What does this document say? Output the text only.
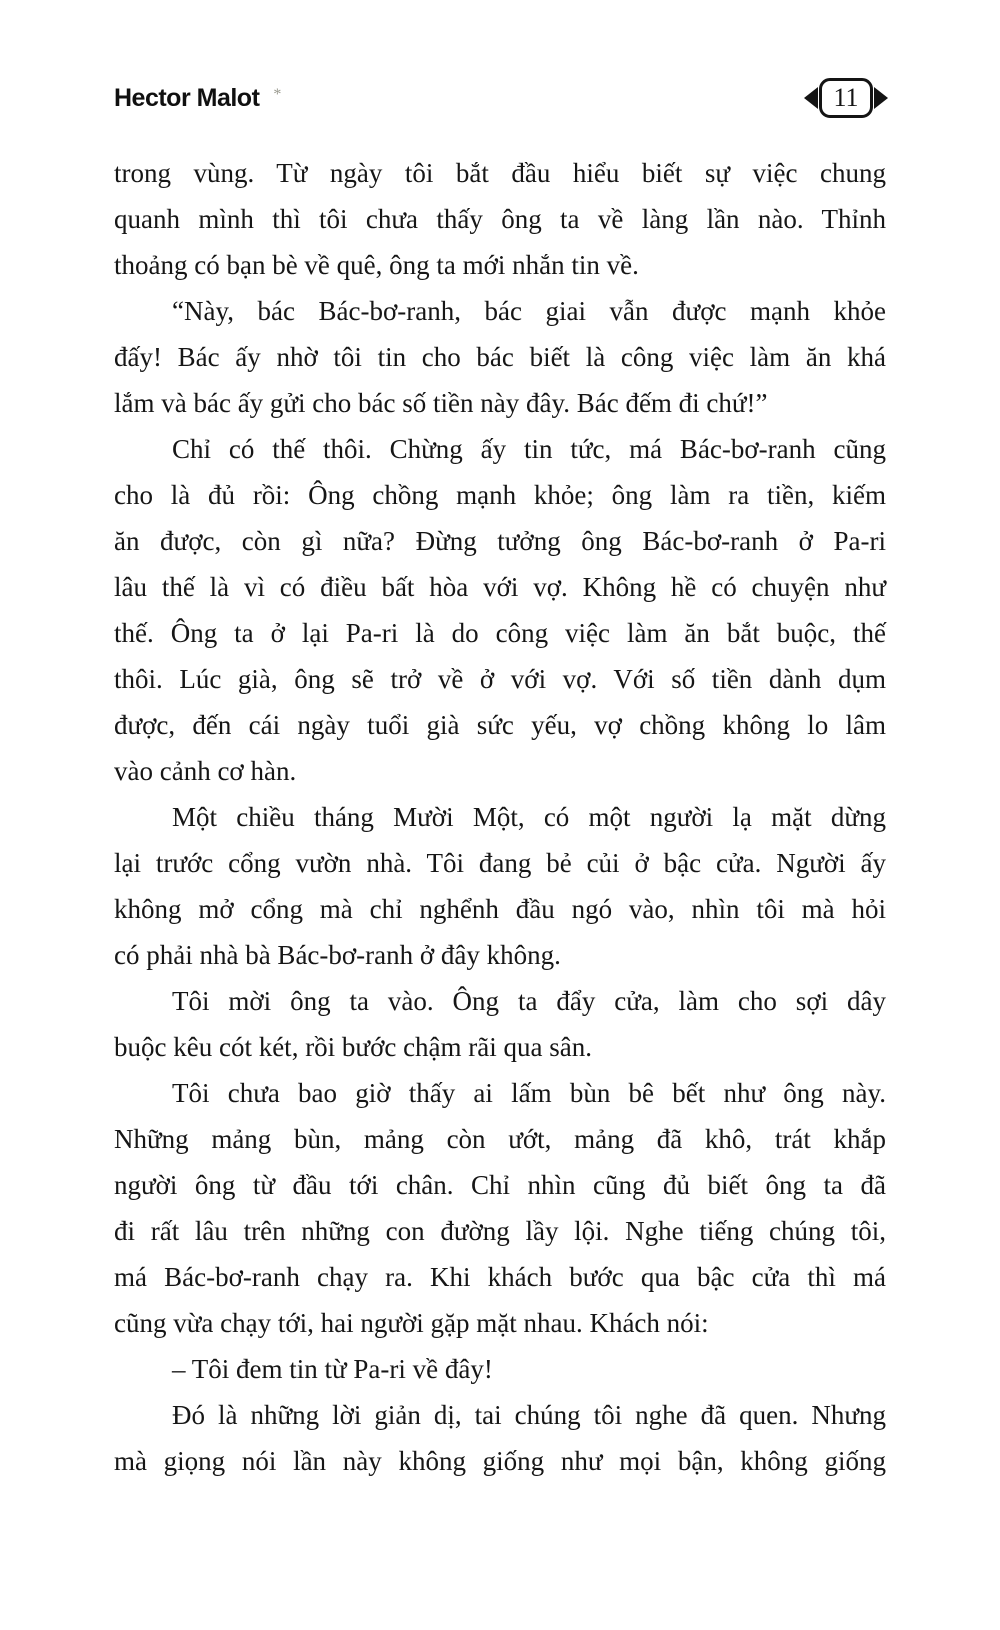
Hector Malot *	11
trong vùng. Từ ngày tôi bắt đầu hiểu biết sự việc chung
quanh mình thì tôi chưa thấy ông ta về làng lần nào. Thỉnh
thoảng có bạn bè về quê, ông ta mới nhắn tin về.
“Này, bác Bác-bơ-ranh, bác giai vẫn được mạnh khỏe
đấy! Bác ấy nhờ tôi tin cho bác biết là công việc làm ăn khá
lắm và bác ấy gửi cho bác số tiền này đây. Bác đếm đi chứ!”
Chỉ có thế thôi. Chừng ấy tin tức, má Bác-bơ-ranh cũng
cho là đủ rồi: Ông chồng mạnh khỏe; ông làm ra tiền, kiếm
ăn được, còn gì nữa? Đừng tưởng ông Bác-bơ-ranh ở Pa-ri
lâu thế là vì có điều bất hòa với vợ. Không hề có chuyện như
thế. Ông ta ở lại Pa-ri là do công việc làm ăn bắt buộc, thế
thôi. Lúc già, ông sẽ trở về ở với vợ. Với số tiền dành dụm
được, đến cái ngày tuổi già sức yếu, vợ chồng không lo lâm
vào cảnh cơ hàn.
Một chiều tháng Mười Một, có một người lạ mặt dừng
lại trước cổng vườn nhà. Tôi đang bẻ củi ở bậc cửa. Người ấy
không mở cổng mà chỉ nghểnh đầu ngó vào, nhìn tôi mà hỏi
có phải nhà bà Bác-bơ-ranh ở đây không.
Tôi mời ông ta vào. Ông ta đẩy cửa, làm cho sợi dây
buộc kêu cót két, rồi bước chậm rãi qua sân.
Tôi chưa bao giờ thấy ai lấm bùn bê bết như ông này.
Những mảng bùn, mảng còn ướt, mảng đã khô, trát khắp
người ông từ đầu tới chân. Chỉ nhìn cũng đủ biết ông ta đã
đi rất lâu trên những con đường lầy lội. Nghe tiếng chúng tôi,
má Bác-bơ-ranh chạy ra. Khi khách bước qua bậc cửa thì má
cũng vừa chạy tới, hai người gặp mặt nhau. Khách nói:
– Tôi đem tin từ Pa-ri về đây!
Đó là những lời giản dị, tai chúng tôi nghe đã quen. Nhưng
mà giọng nói lần này không giống như mọi bận, không giống
